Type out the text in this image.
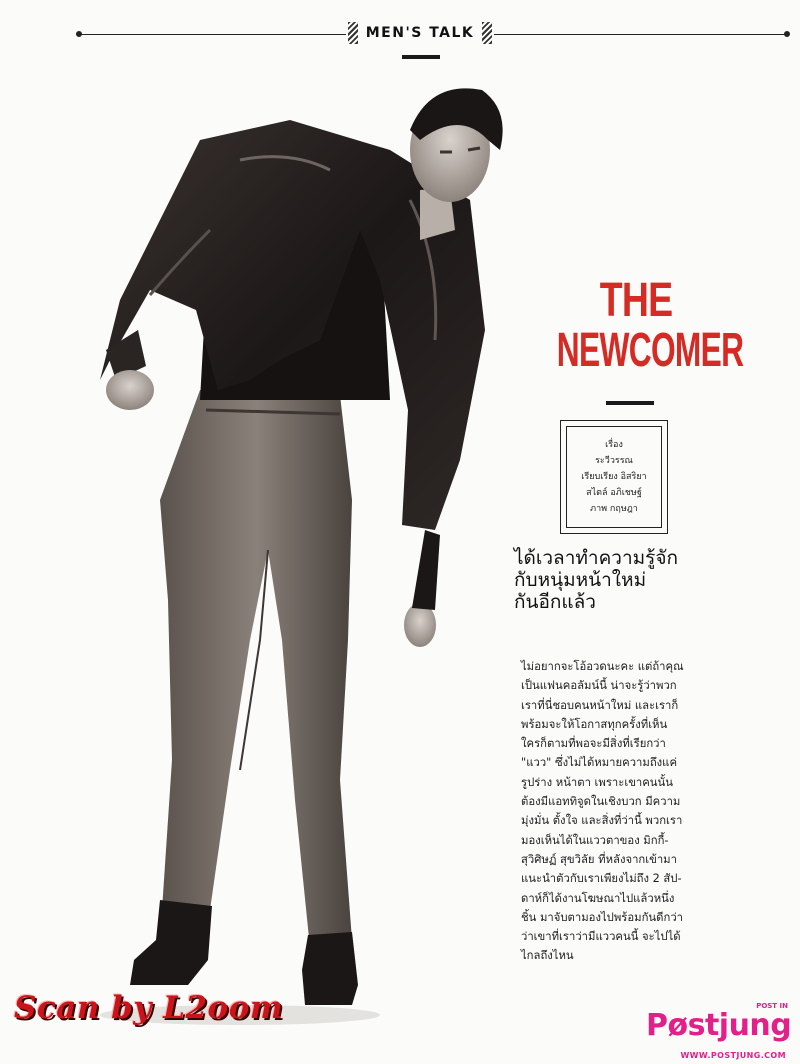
MEN'S TALK
THE
NEWCOMER
เรื่อง
ระวีวรรณ
เรียบเรียง อิสริยา
สไตล์ อภิเชษฐ์
ภาพ กฤษฎา
ได้เวลาทำความรู้จัก
กับหนุ่มหน้าใหม่
กันอีกแล้ว
ไม่อยากจะโอ้อวดนะคะ แต่ถ้าคุณ
เป็นแฟนคอลัมน์นี้ น่าจะรู้ว่าพวก
เราที่นี่ชอบคนหน้าใหม่ และเราก็
พร้อมจะให้โอกาสทุกครั้งที่เห็น
ใครก็ตามที่พอจะมีสิ่งที่เรียกว่า
"แวว" ซึ่งไม่ได้หมายความถึงแค่
รูปร่าง หน้าตา เพราะเขาคนนั้น
ต้องมีแอททิจูดในเชิงบวก มีความ
มุ่งมั่น ตั้งใจ และสิ่งที่ว่านี้ พวกเรา
มองเห็นได้ในแววตาของ มิกกี้-
สุวิศิษฏ์ สุขวิลัย ที่หลังจากเข้ามา
แนะนำตัวกับเราเพียงไม่ถึง 2 สัป-
ดาห์ก็ได้งานโฆษณาไปแล้วหนึ่ง
ชิ้น มาจับตามองไปพร้อมกันดีกว่า
ว่าเขาที่เราว่ามีแววคนนี้ จะไปได้
ไกลถึงไหน
Scan by L2oom	POST IN
Pøstjung
WWW.POSTJUNG.COM
